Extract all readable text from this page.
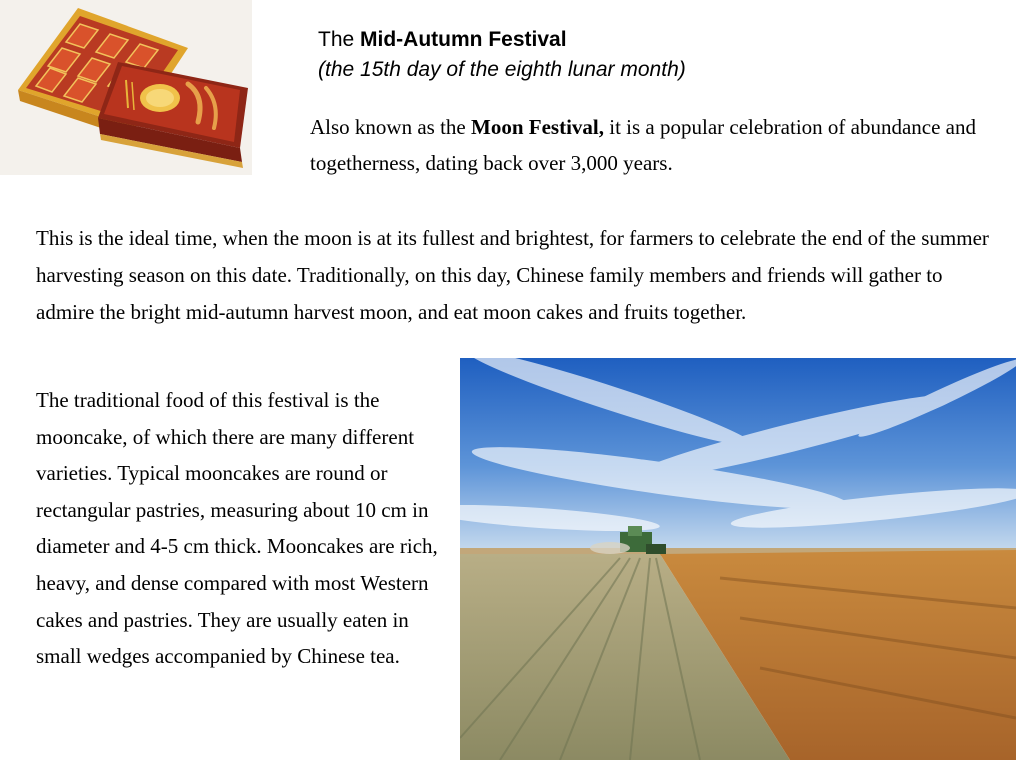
The Mid-Autumn Festival
(the 15th day of the eighth lunar month)
Also known as the Moon Festival, it is a popular celebration of abundance and togetherness, dating back over 3,000 years.
This is the ideal time, when the moon is at its fullest and brightest, for farmers to celebrate the end of the summer harvesting season on this date. Traditionally, on this day, Chinese family members and friends will gather to admire the bright mid-autumn harvest moon, and eat moon cakes and fruits together.
The traditional food of this festival is the mooncake, of which there are many different varieties. Typical mooncakes are round or rectangular pastries, measuring about 10 cm in diameter and 4-5 cm thick. Mooncakes are rich, heavy, and dense compared with most Western cakes and pastries. They are usually eaten in small wedges accompanied by Chinese tea.
